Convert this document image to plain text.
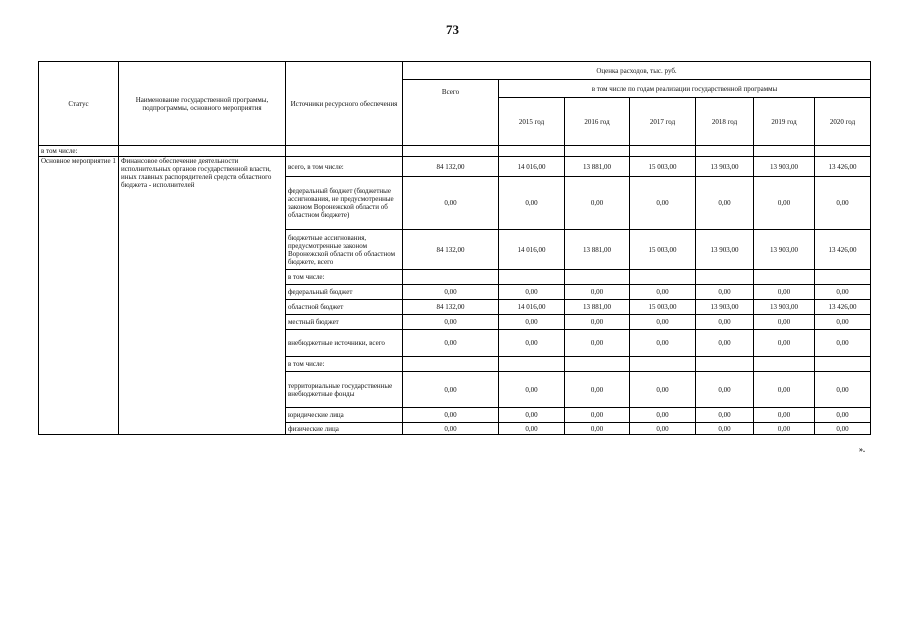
73
Статус	Наименование государственной программы, подпрограммы, основного мероприятия	Источники ресурсного обеспечения	Оценка расходов, тыс. руб.						
			Всего	в том числе по годам реализации государственной программы					
				2015 год	2016 год	2017 год	2018 год	2019 год	2020 год
в том числе:									
Основное мероприятие 1	Финансовое обеспечение деятельности исполнительных органов государственной власти, иных главных распорядителей средств областного бюджета - исполнителей	всего, в том числе:	84 132,00	14 016,00	13 881,00	15 003,00	13 903,00	13 903,00	13 426,00
		федеральный бюджет (бюджетные ассигнования, не предусмотренные законом Воронежской области об областном бюджете)	0,00	0,00	0,00	0,00	0,00	0,00	0,00
		бюджетные ассигнования, предусмотренные законом Воронежской области об областном бюджете, всего	84 132,00	14 016,00	13 881,00	15 003,00	13 903,00	13 903,00	13 426,00
		в том числе:							
		федеральный бюджет	0,00	0,00	0,00	0,00	0,00	0,00	0,00
		областной бюджет	84 132,00	14 016,00	13 881,00	15 003,00	13 903,00	13 903,00	13 426,00
		местный бюджет	0,00	0,00	0,00	0,00	0,00	0,00	0,00
		внебюджетные источники, всего	0,00	0,00	0,00	0,00	0,00	0,00	0,00
		в том числе:							
		территориальные государственные внебюджетные фонды	0,00	0,00	0,00	0,00	0,00	0,00	0,00
		юридические лица	0,00	0,00	0,00	0,00	0,00	0,00	0,00
		физические лица	0,00	0,00	0,00	0,00	0,00	0,00	0,00
».
